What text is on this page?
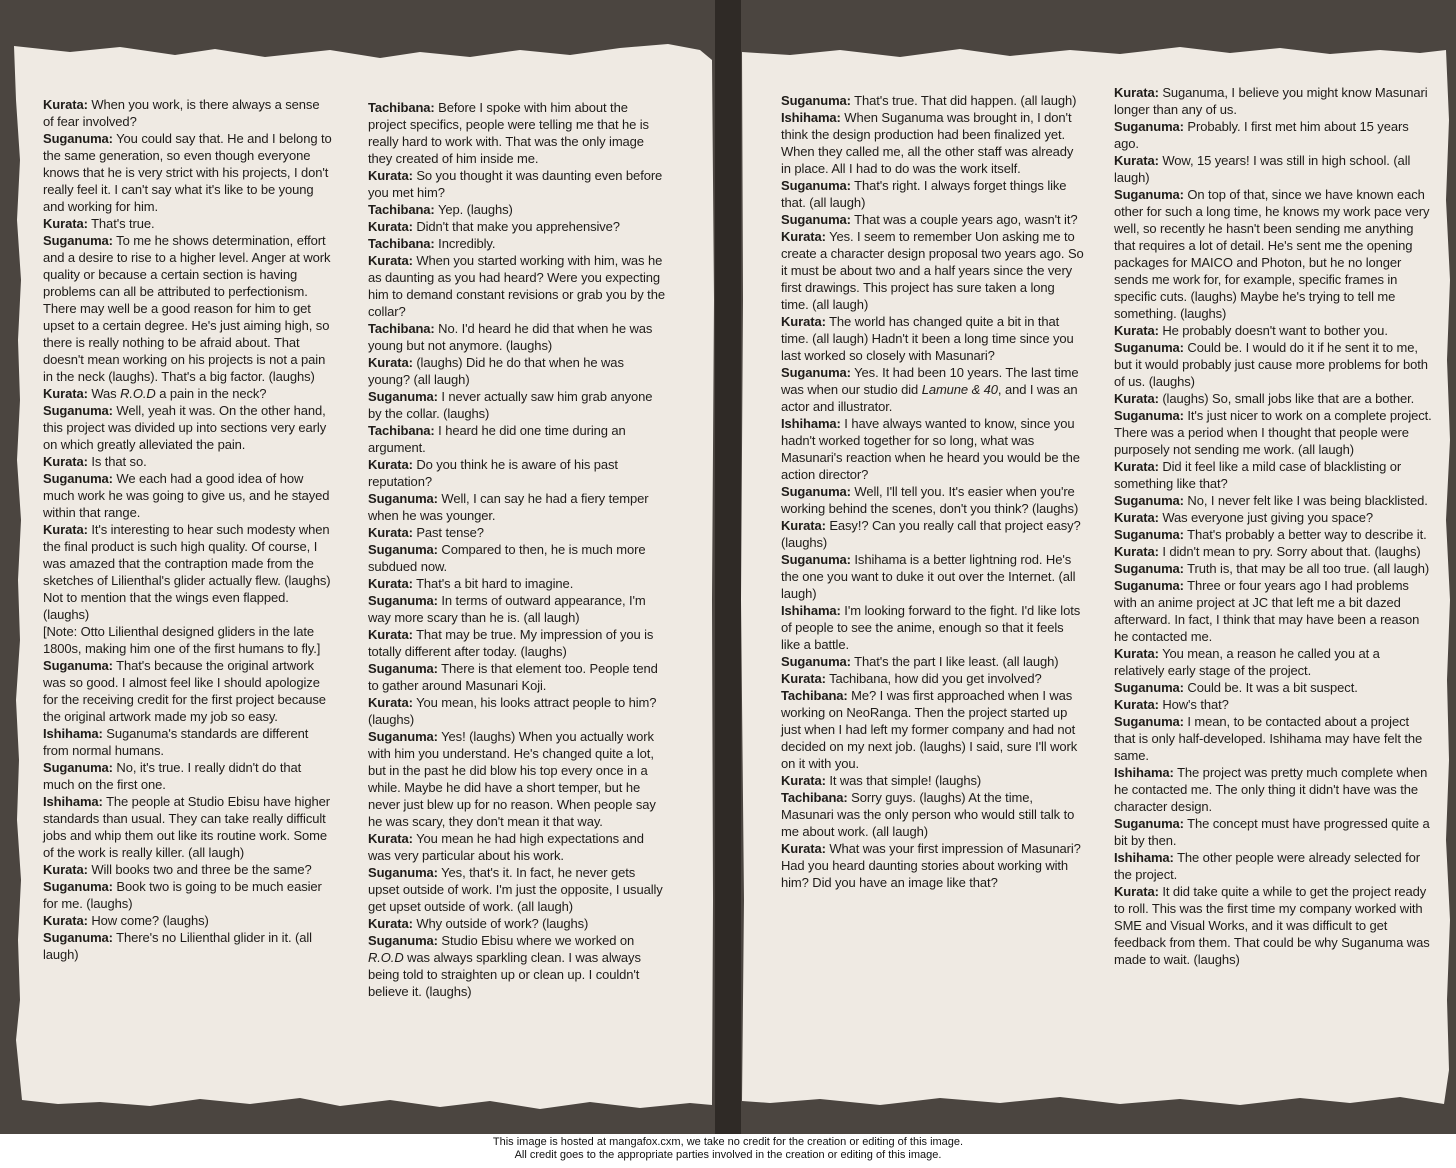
Kurata: When you work, is there always a sense of fear involved?

Suganuma: You could say that. He and I belong to the same generation, so even though everyone knows that he is very strict with his projects, I don't really feel it. I can't say what it's like to be young and working for him.

Kurata: That's true.

Suganuma: To me he shows determination, effort and a desire to rise to a higher level. Anger at work quality or because a certain section is having problems can all be attributed to perfectionism. There may well be a good reason for him to get upset to a certain degree. He's just aiming high, so there is really nothing to be afraid about. That doesn't mean working on his projects is not a pain in the neck (laughs). That's a big factor. (laughs)

Kurata: Was R.O.D a pain in the neck?

Suganuma: Well, yeah it was. On the other hand, this project was divided up into sections very early on which greatly alleviated the pain.

Kurata: Is that so.

Suganuma: We each had a good idea of how much work he was going to give us, and he stayed within that range.

Kurata: It's interesting to hear such modesty when the final product is such high quality. Of course, I was amazed that the contraption made from the sketches of Lilienthal's glider actually flew. (laughs) Not to mention that the wings even flapped. (laughs)

[Note: Otto Lilienthal designed gliders in the late 1800s, making him one of the first humans to fly.]

Suganuma: That's because the original artwork was so good. I almost feel like I should apologize for the receiving credit for the first project because the original artwork made my job so easy.

Ishihama: Suganuma's standards are different from normal humans.

Suganuma: No, it's true. I really didn't do that much on the first one.

Ishihama: The people at Studio Ebisu have higher standards than usual. They can take really difficult jobs and whip them out like its routine work. Some of the work is really killer. (all laugh)

Kurata: Will books two and three be the same?

Suganuma: Book two is going to be much easier for me. (laughs)

Kurata: How come? (laughs)

Suganuma: There's no Lilienthal glider in it. (all laugh)

Tachibana: Before I spoke with him about the project specifics, people were telling me that he is really hard to work with. That was the only image they created of him inside me.

Kurata: So you thought it was daunting even before you met him?

Tachibana: Yep. (laughs)

Kurata: Didn't that make you apprehensive?

Tachibana: Incredibly.

Kurata: When you started working with him, was he as daunting as you had heard? Were you expecting him to demand constant revisions or grab you by the collar?

Tachibana: No. I'd heard he did that when he was young but not anymore. (laughs)

Kurata: (laughs) Did he do that when he was young? (all laugh)

Suganuma: I never actually saw him grab anyone by the collar. (laughs)

Tachibana: I heard he did one time during an argument.

Kurata: Do you think he is aware of his past reputation?

Suganuma: Well, I can say he had a fiery temper when he was younger.

Kurata: Past tense?

Suganuma: Compared to then, he is much more subdued now.

Kurata: That's a bit hard to imagine.

Suganuma: In terms of outward appearance, I'm way more scary than he is. (all laugh)

Kurata: That may be true. My impression of you is totally different after today. (laughs)

Suganuma: There is that element too. People tend to gather around Masunari Koji.

Kurata: You mean, his looks attract people to him? (laughs)

Suganuma: Yes! (laughs) When you actually work with him you understand. He's changed quite a lot, but in the past he did blow his top every once in a while. Maybe he did have a short temper, but he never just blew up for no reason. When people say he was scary, they don't mean it that way.

Kurata: You mean he had high expectations and was very particular about his work.

Suganuma: Yes, that's it. In fact, he never gets upset outside of work. I'm just the opposite, I usually get upset outside of work. (all laugh)

Kurata: Why outside of work? (laughs)

Suganuma: Studio Ebisu where we worked on R.O.D was always sparkling clean. I was always being told to straighten up or clean up. I couldn't believe it. (laughs)

Suganuma: That's true. That did happen. (all laugh)

Ishihama: When Suganuma was brought in, I don't think the design production had been finalized yet. When they called me, all the other staff was already in place. All I had to do was the work itself.

Suganuma: That's right. I always forget things like that. (all laugh)

Suganuma: That was a couple years ago, wasn't it?

Kurata: Yes. I seem to remember Uon asking me to create a character design proposal two years ago. So it must be about two and a half years since the very first drawings. This project has sure taken a long time. (all laugh)

Kurata: The world has changed quite a bit in that time. (all laugh) Hadn't it been a long time since you last worked so closely with Masunari?

Suganuma: Yes. It had been 10 years. The last time was when our studio did Lamune & 40, and I was an actor and illustrator.

Ishihama: I have always wanted to know, since you hadn't worked together for so long, what was Masunari's reaction when he heard you would be the action director?

Suganuma: Well, I'll tell you. It's easier when you're working behind the scenes, don't you think? (laughs)

Kurata: Easy!? Can you really call that project easy? (laughs)

Suganuma: Ishihama is a better lightning rod. He's the one you want to duke it out over the Internet. (all laugh)

Ishihama: I'm looking forward to the fight. I'd like lots of people to see the anime, enough so that it feels like a battle.

Suganuma: That's the part I like least. (all laugh)

Kurata: Tachibana, how did you get involved?

Tachibana: Me? I was first approached when I was working on NeoRanga. Then the project started up just when I had left my former company and had not decided on my next job. (laughs) I said, sure I'll work on it with you.

Kurata: It was that simple! (laughs)

Tachibana: Sorry guys. (laughs) At the time, Masunari was the only person who would still talk to me about work. (all laugh)

Kurata: What was your first impression of Masunari? Had you heard daunting stories about working with him? Did you have an image like that?

Kurata: Suganuma, I believe you might know Masunari longer than any of us.

Suganuma: Probably. I first met him about 15 years ago.

Kurata: Wow, 15 years! I was still in high school. (all laugh)

Suganuma: On top of that, since we have known each other for such a long time, he knows my work pace very well, so recently he hasn't been sending me anything that requires a lot of detail. He's sent me the opening packages for MAICO and Photon, but he no longer sends me work for, for example, specific frames in specific cuts. (laughs) Maybe he's trying to tell me something. (laughs)

Kurata: He probably doesn't want to bother you.

Suganuma: Could be. I would do it if he sent it to me, but it would probably just cause more problems for both of us. (laughs)

Kurata: (laughs) So, small jobs like that are a bother.

Suganuma: It's just nicer to work on a complete project. There was a period when I thought that people were purposely not sending me work. (all laugh)

Kurata: Did it feel like a mild case of blacklisting or something like that?

Suganuma: No, I never felt like I was being blacklisted.

Kurata: Was everyone just giving you space?

Suganuma: That's probably a better way to describe it.

Kurata: I didn't mean to pry. Sorry about that. (laughs)

Suganuma: Truth is, that may be all too true. (all laugh)

Suganuma: Three or four years ago I had problems with an anime project at JC that left me a bit dazed afterward. In fact, I think that may have been a reason he contacted me.

Kurata: You mean, a reason he called you at a relatively early stage of the project.

Suganuma: Could be. It was a bit suspect.

Kurata: How's that?

Suganuma: I mean, to be contacted about a project that is only half-developed. Ishihama may have felt the same.

Ishihama: The project was pretty much complete when he contacted me. The only thing it didn't have was the character design.

Suganuma: The concept must have progressed quite a bit by then.

Ishihama: The other people were already selected for the project.

Kurata: It did take quite a while to get the project ready to roll. This was the first time my company worked with SME and Visual Works, and it was difficult to get feedback from them. That could be why Suganuma was made to wait. (laughs)

This image is hosted at mangafox.cxm, we take no credit for the creation or editing of this image.
All credit goes to the appropriate parties involved in the creation or editing of this image.
